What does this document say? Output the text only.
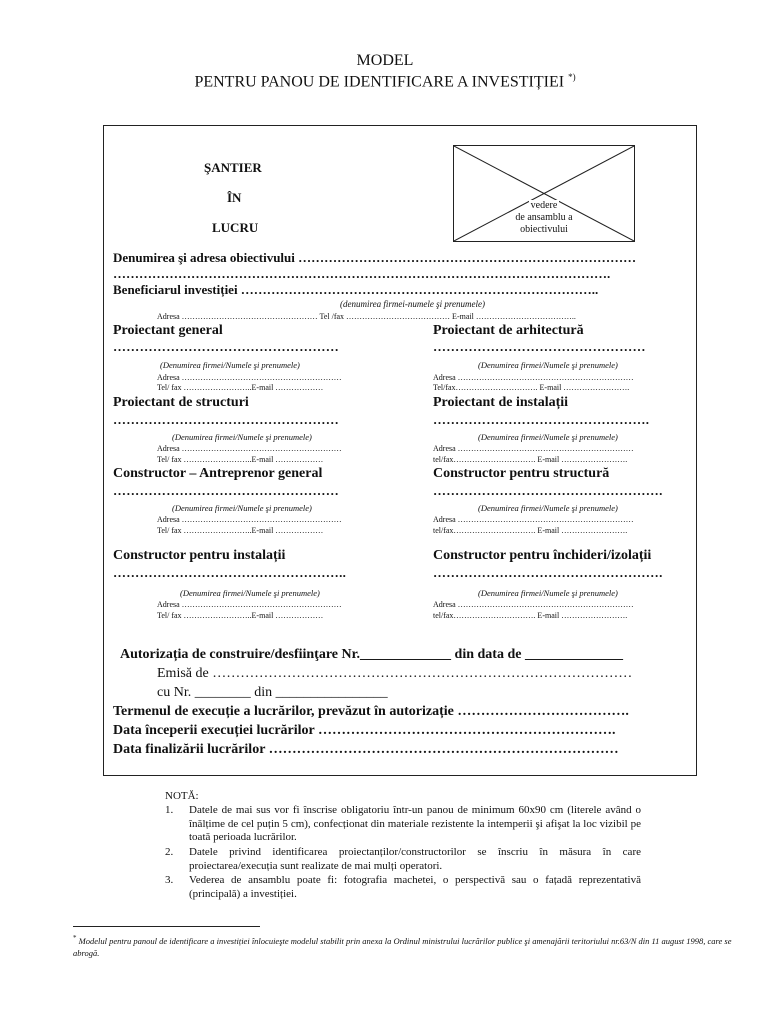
MODEL
PENTRU PANOU DE IDENTIFICARE A INVESTIȚIEI *)
ŞANTIER
ÎN
LUCRU
vedere
de ansamblu a
obiectivului
Denumirea şi adresa obiectivului ……………………………………………………………………
…………………………………………………………………………………………………….
Beneficiarul investiției ………………………………………………………………………..
(denumirea firmei-numele şi prenumele)
Adresa …………………………………………… Tel /fax ………………………………… E-mail ………………………………..
Proiectant general
……………………………………………
(Denumirea firmei/Numele şi prenumele)
Adresa ……………………………………………………
Tel/ fax ……………………..E-mail ………………
Proiectant de structuri
……………………………………………
(Denumirea firmei/Numele şi prenumele)
Adresa ……………………………………………………
Tel/ fax ……………………..E-mail ………………
Constructor – Antreprenor general
……………………………………………
(Denumirea firmei/Numele şi prenumele)
Adresa ……………………………………………………
Tel/ fax ……………………..E-mail ………………
Constructor pentru instalații
……………………………………………..
(Denumirea firmei/Numele şi prenumele)
Adresa ……………………………………………………
Tel/ fax ……………………..E-mail ………………
Proiectant de arhitectură
…………………………………………
(Denumirea firmei/Numele şi prenumele)
Adresa …………………………………………………………
Tel/fax…………………………. E-mail …………………….
Proiectant de instalații
………………………………………….
(Denumirea firmei/Numele şi prenumele)
Adresa …………………………………………………………
tel/fax…………………………. E-mail …………………….
Constructor pentru structură
…………………………………………….
(Denumirea firmei/Numele şi prenumele)
Adresa …………………………………………………………
tel/fax…………………………. E-mail …………………….
Constructor pentru închideri/izolații
…………………………………………….
(Denumirea firmei/Numele şi prenumele)
Adresa …………………………………………………………
tel/fax…………………………. E-mail …………………….
Autorizația de construire/desfiinţare Nr._____________ din data de ______________
Emisă de ………………………………………………………………………………
cu Nr. ________ din ________________
Termenul de execuție a lucrărilor, prevăzut în autorizație ……………………………….
Data începerii execuției lucrărilor ……………………………………………………….
Data finalizării lucrărilor …………………………………………………………………
NOTĂ:
1. Datele de mai sus vor fi înscrise obligatoriu într-un panou de minimum 60x90 cm (literele având o înălțime de cel puțin 5 cm), confecționat din materiale rezistente la intemperii şi afişat la loc vizibil pe toată perioada lucrărilor.
2. Datele privind identificarea proiectanților/constructorilor se înscriu în măsura în care proiectarea/execuția sunt realizate de mai mulți operatori.
3. Vederea de ansamblu poate fi: fotografia machetei, o perspectivă sau o fațadă reprezentativă (principală) a investiției.
* Modelul pentru panoul de identificare a investiției înlocuieşte modelul stabilit prin anexa la Ordinul ministrului lucrărilor publice şi amenajării teritoriului nr.63/N din 11 august 1998, care se abrogă.
